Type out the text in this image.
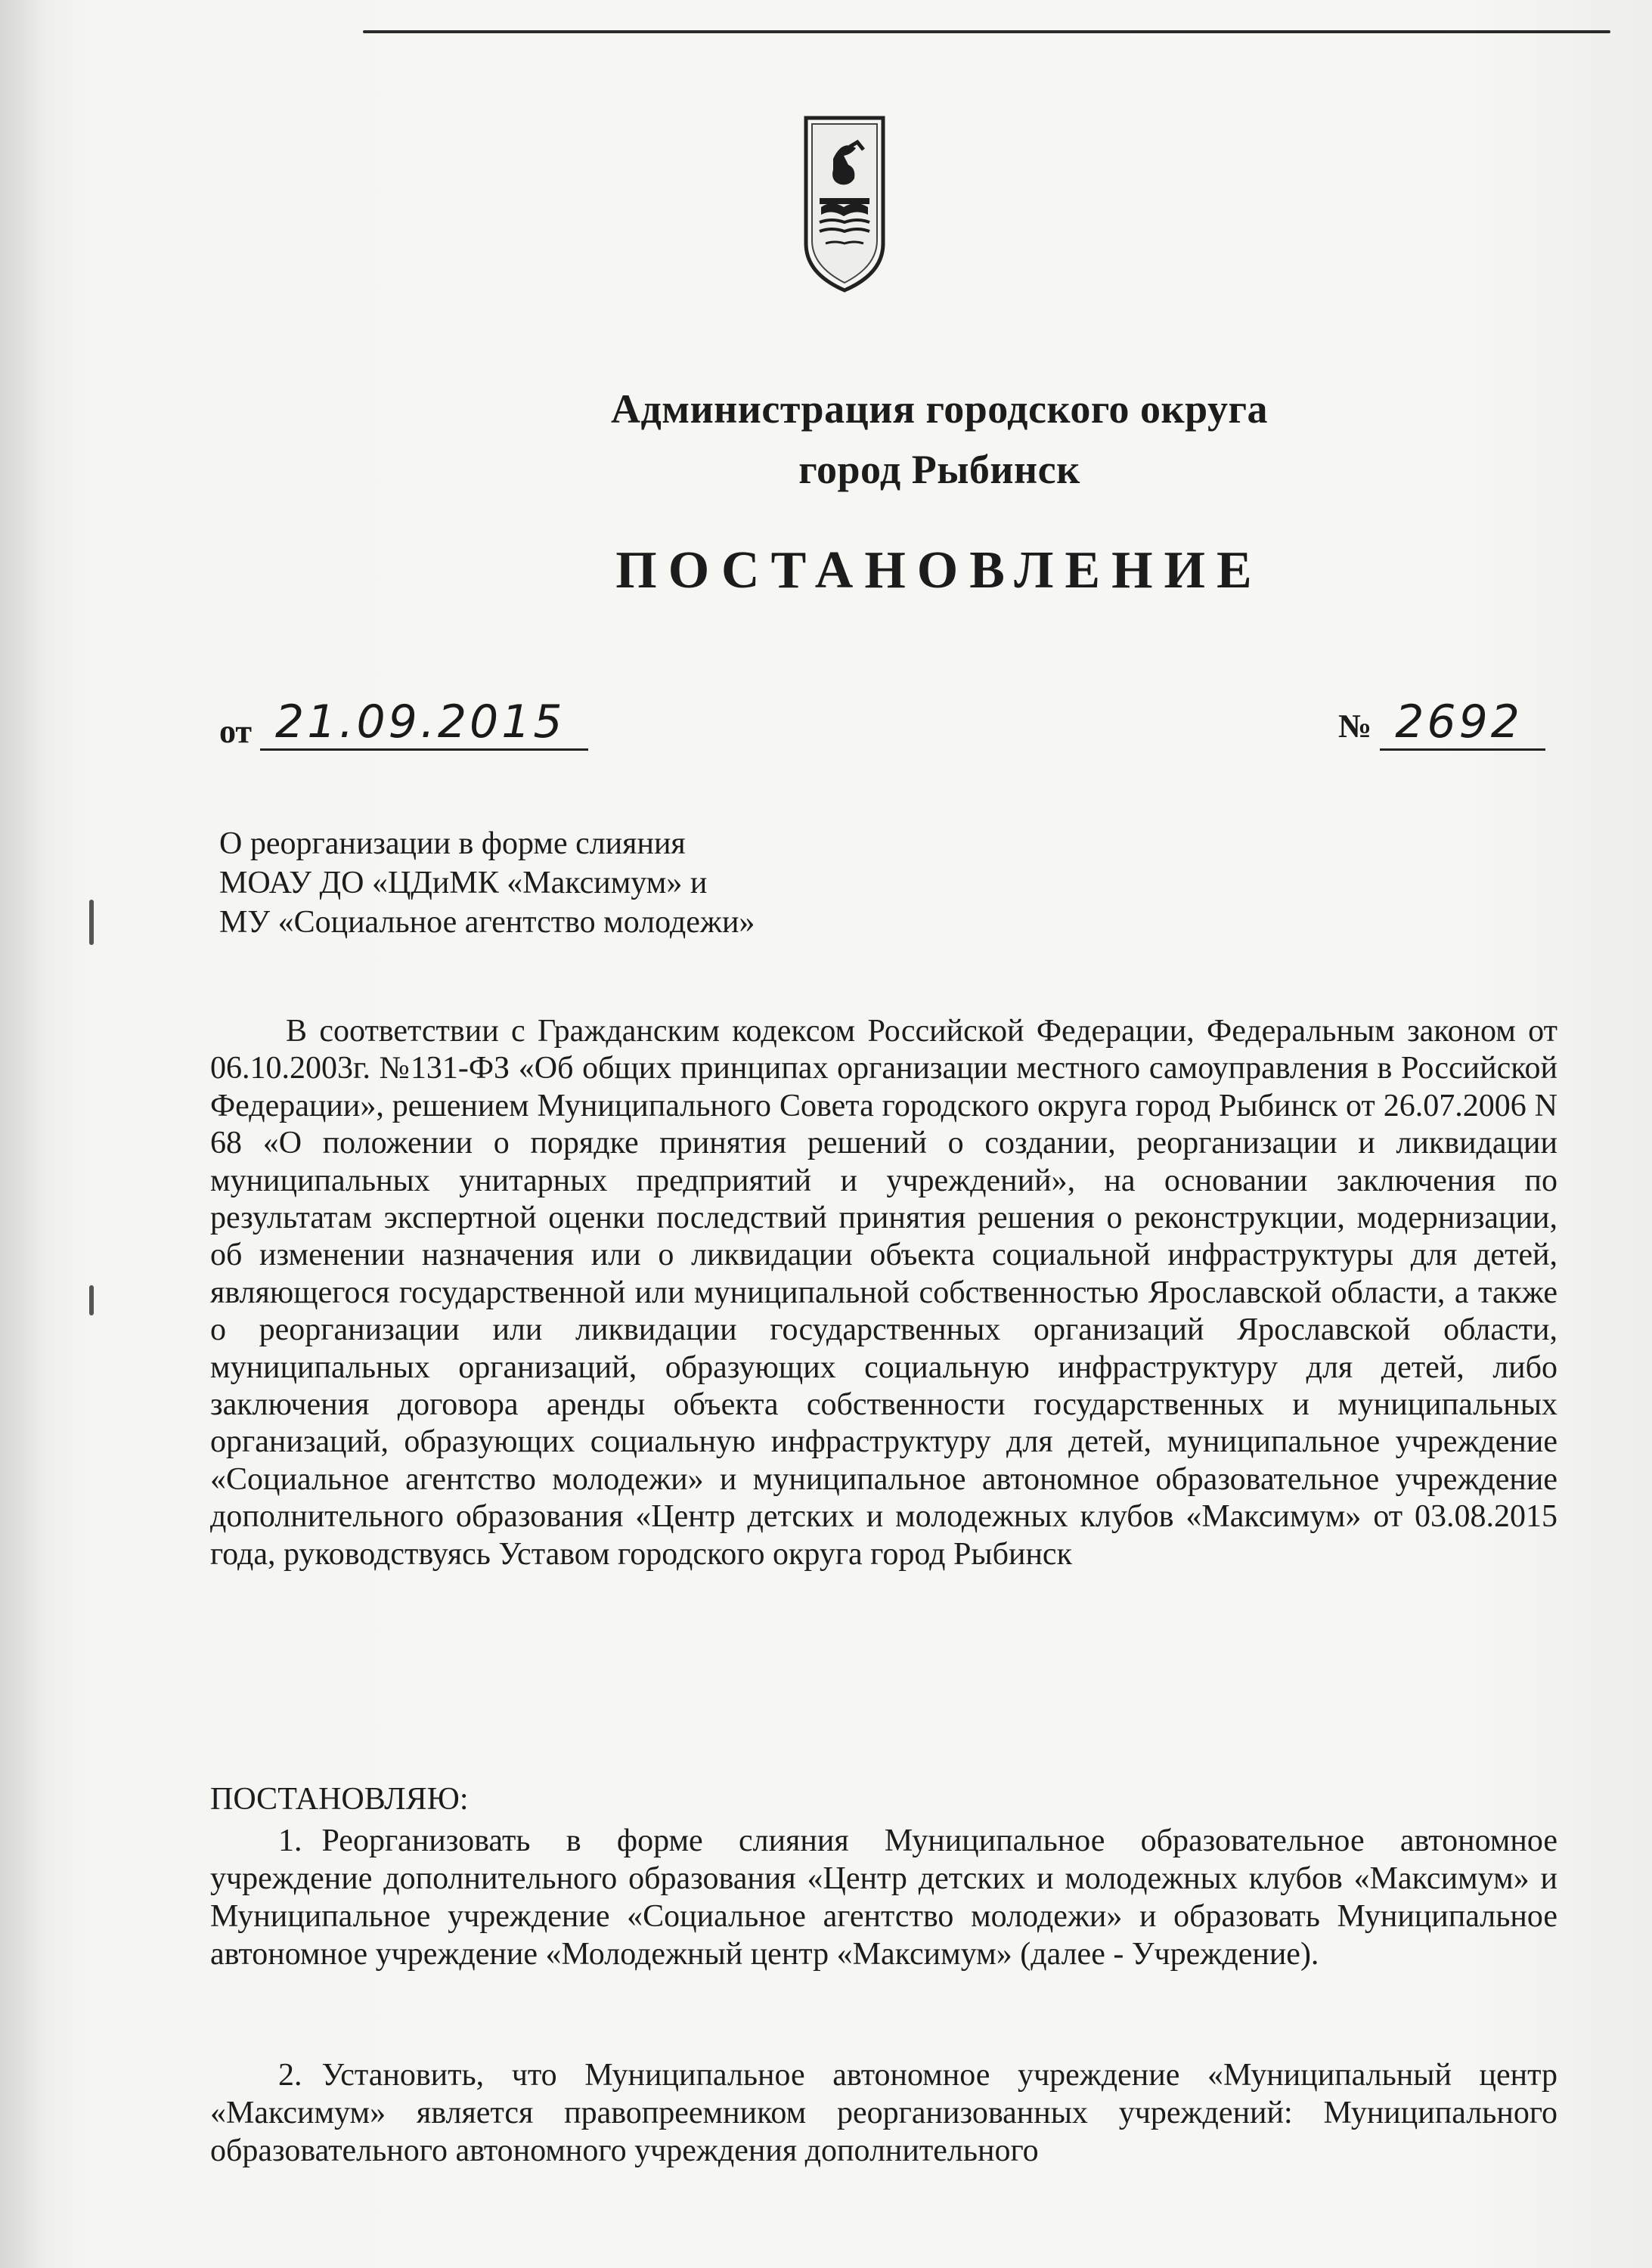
Администрация городского округа
город Рыбинск
ПОСТАНОВЛЕНИЕ
от 21.09.2015	№ 2692
О реорганизации в форме слияния
МОАУ ДО «ЦДиМК «Максимум» и
МУ «Социальное агентство молодежи»
В соответствии с Гражданским кодексом Российской Федерации, Федеральным законом от 06.10.2003г. №131-ФЗ «Об общих принципах организации местного самоуправления в Российской Федерации», решением Муниципального Совета городского округа город Рыбинск от 26.07.2006 N 68 «О положении о порядке принятия решений о создании, реорганизации и ликвидации муниципальных унитарных предприятий и учреждений», на основании заключения по результатам экспертной оценки последствий принятия решения о реконструкции, модернизации, об изменении назначения или о ликвидации объекта социальной инфраструктуры для детей, являющегося государственной или муниципальной собственностью Ярославской области, а также о реорганизации или ликвидации государственных организаций Ярославской области, муниципальных организаций, образующих социальную инфраструктуру для детей, либо заключения договора аренды объекта собственности государственных и муниципальных организаций, образующих социальную инфраструктуру для детей, муниципальное учреждение «Социальное агентство молодежи» и муниципальное автономное образовательное учреждение дополнительного образования «Центр детских и молодежных клубов «Максимум» от 03.08.2015 года, руководствуясь Уставом городского округа город Рыбинск
ПОСТАНОВЛЯЮ:
1. Реорганизовать в форме слияния Муниципальное образовательное автономное учреждение дополнительного образования «Центр детских и молодежных клубов «Максимум» и Муниципальное учреждение «Социальное агентство молодежи» и образовать Муниципальное автономное учреждение «Молодежный центр «Максимум» (далее - Учреждение).
2. Установить, что Муниципальное автономное учреждение «Муниципальный центр «Максимум» является правопреемником реорганизованных учреждений: Муниципального образовательного автономного учреждения дополнительного
